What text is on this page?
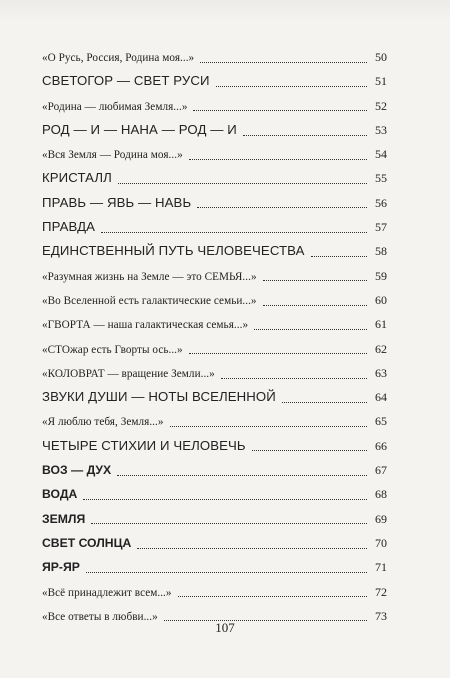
«О Русь, Россия, Родина моя...»	50
СВЕТОГОР — СВЕТ РУСИ	51
«Родина — любимая Земля...»	52
РОД — И — НАНА — РОД — И	53
«Вся Земля — Родина моя...»	54
КРИСТАЛЛ	55
ПРАВЬ — ЯВЬ — НАВЬ	56
ПРАВДА	57
ЕДИНСТВЕННЫЙ ПУТЬ ЧЕЛОВЕЧЕСТВА	58
«Разумная жизнь на Земле — это СЕМЬЯ...»	59
«Во Вселенной есть галактические семьи...»	60
«ГВОРТА — наша галактическая семья...»	61
«СТОжар есть Гворты ось...»	62
«КОЛОВРАТ — вращение Земли...»	63
ЗВУКИ ДУШИ — НОТЫ ВСЕЛЕННОЙ	64
«Я люблю тебя, Земля...»	65
ЧЕТЫРЕ СТИХИИ И ЧЕЛОВЕЧЬ	66
ВОЗ — ДУХ	67
ВОДА	68
ЗЕМЛЯ	69
СВЕТ СОЛНЦА	70
ЯР-ЯР	71
«Всё принадлежит всем...»	72
«Все ответы в любви...»	73
107
